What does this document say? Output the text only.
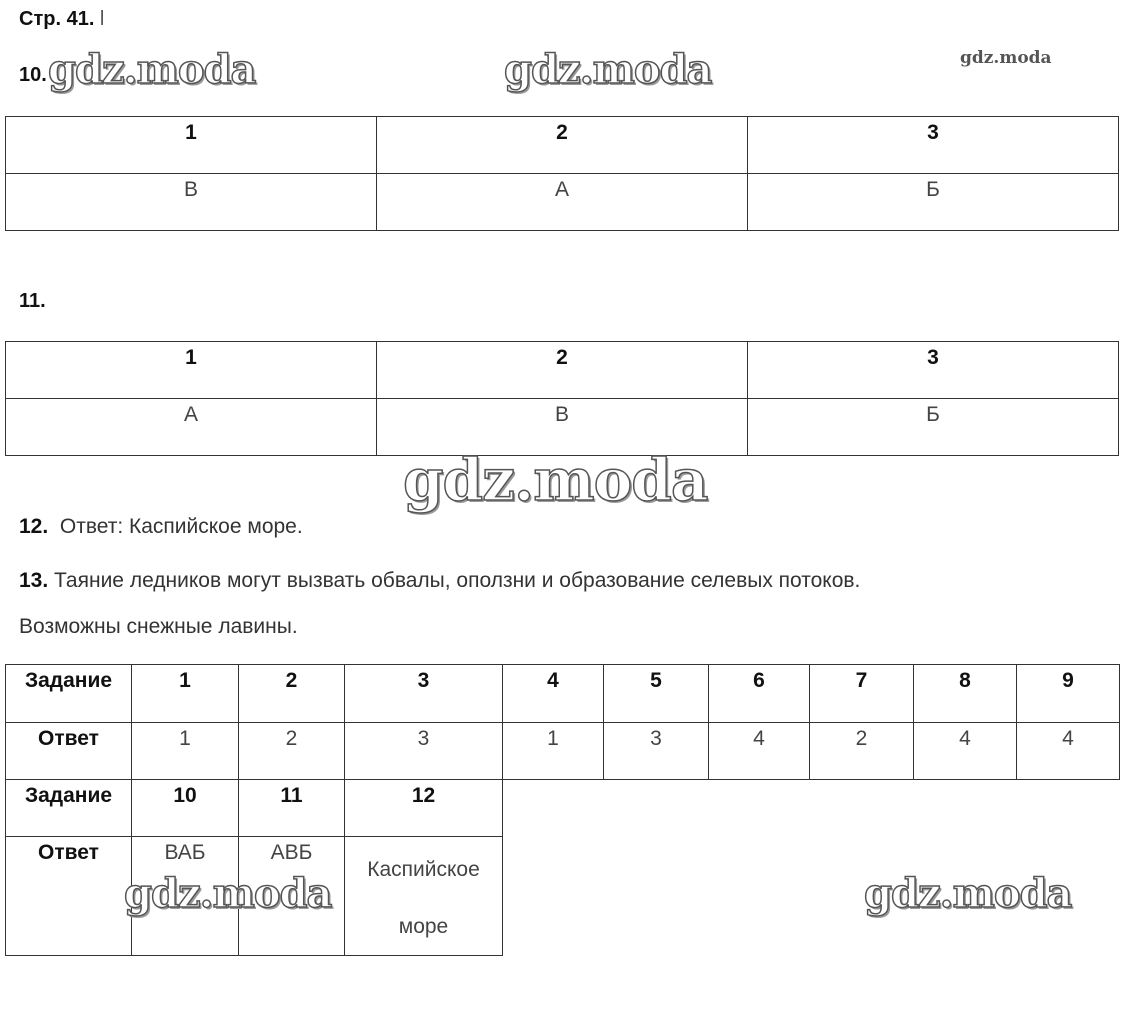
Стр. 41. l
10. gdz.moda	gdz.moda	gdz.moda
1	2	3
В	А	Б
11.
1	2	3
А	В	Б
gdz.moda
12. Ответ: Каспийское море.
13. Таяние ледников могут вызвать обвалы, оползни и образование селевых потоков.
Возможны снежные лавины.
Задание	1	2	3	4	5	6	7	8	9
Ответ	1	2	3	1	3	4	2	4	4
Задание	10	11	12						
Ответ	ВАБ	АВБ	Каспийское море						
gdz.moda	gdz.moda
